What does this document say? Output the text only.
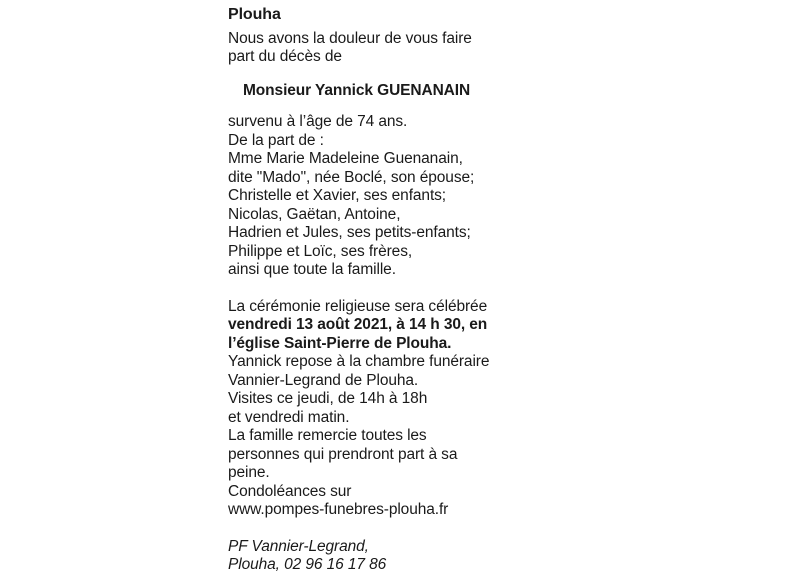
Plouha
Nous avons la douleur de vous faire
part du décès de
Monsieur Yannick GUENANAIN
survenu à l’âge de 74 ans.
De la part de :
Mme Marie Madeleine Guenanain,
dite "Mado", née Boclé, son épouse;
Christelle et Xavier, ses enfants;
Nicolas, Gaëtan, Antoine,
Hadrien et Jules, ses petits-enfants;
Philippe et Loïc, ses frères,
ainsi que toute la famille.
La cérémonie religieuse sera célébrée
vendredi 13 août 2021, à 14 h 30, en
l’église Saint-Pierre de Plouha.
Yannick repose à la chambre funéraire
Vannier-Legrand de Plouha.
Visites ce jeudi, de 14h à 18h
et vendredi matin.
La famille remercie toutes les
personnes qui prendront part à sa
peine.
Condoléances sur
www.pompes-funebres-plouha.fr
PF Vannier-Legrand,
Plouha, 02 96 16 17 86
